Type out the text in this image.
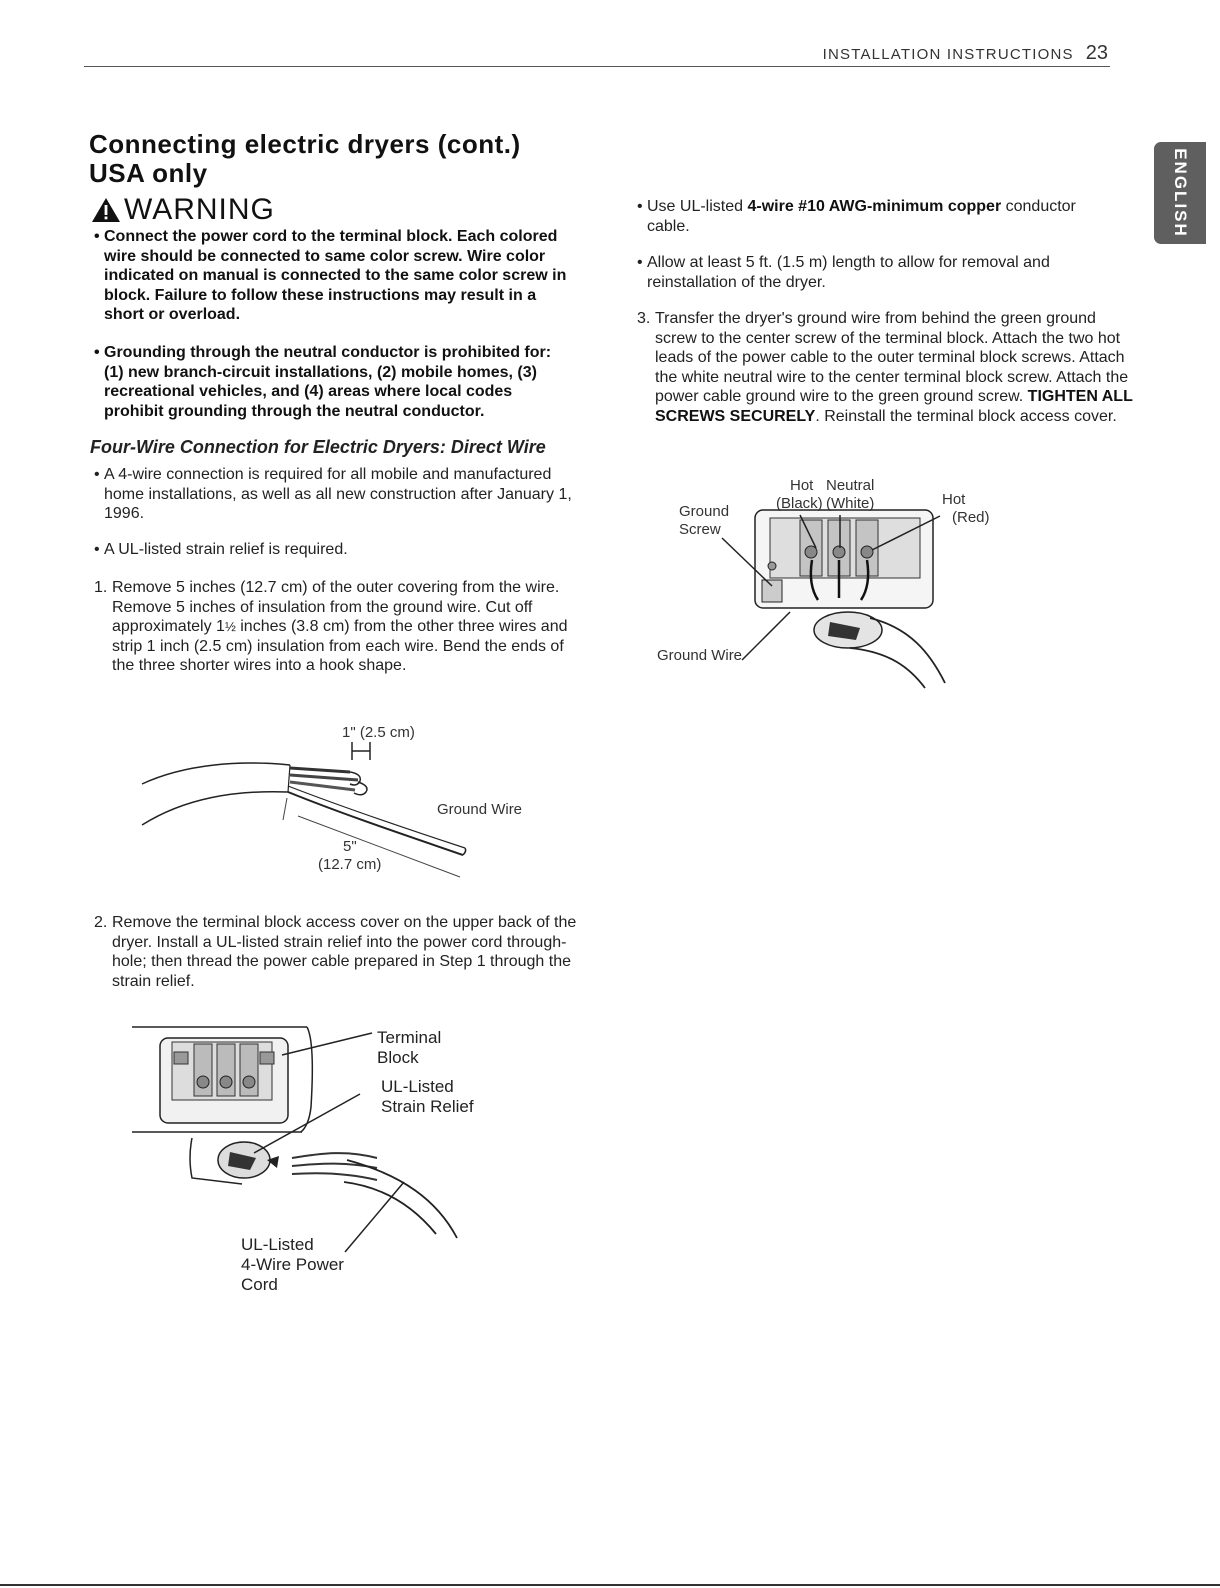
INSTALLATION INSTRUCTIONS 23
ENGLISH
Connecting electric dryers (cont.)
USA only
WARNING
• Connect the power cord to the terminal block. Each colored wire should be connected to same color screw. Wire color indicated on manual is connected to the same color screw in block. Failure to follow these instructions may result in a short or overload.
• Grounding through the neutral conductor is prohibited for: (1) new branch-circuit installations, (2) mobile homes, (3) recreational vehicles, and (4) areas where local codes prohibit grounding through the neutral conductor.
Four-Wire Connection for Electric Dryers: Direct Wire
• A 4-wire connection is required for all mobile and manufactured home installations, as well as all new construction after January 1, 1996.
• A UL-listed strain relief is required.
1. Remove 5 inches (12.7 cm) of the outer covering from the wire. Remove 5 inches of insulation from the ground wire. Cut off approximately 1½ inches (3.8 cm) from the other three wires and strip 1 inch (2.5 cm) insulation from each wire. Bend the ends of the three shorter wires into a hook shape.
1" (2.5 cm)
Ground Wire
5"
(12.7 cm)
2. Remove the terminal block access cover on the upper back of the dryer. Install a UL-listed strain relief into the power cord through-hole; then thread the power cable prepared in Step 1 through the strain relief.
Terminal
Block
UL-Listed
Strain Relief
UL-Listed
4-Wire Power
Cord
• Use UL-listed 4-wire #10 AWG-minimum copper conductor cable.
• Allow at least 5 ft. (1.5 m) length to allow for removal and reinstallation of the dryer.
3. Transfer the dryer's ground wire from behind the green ground screw to the center screw of the terminal block. Attach the two hot leads of the power cable to the outer terminal block screws. Attach the white neutral wire to the center terminal block screw. Attach the power cable ground wire to the green ground screw. TIGHTEN ALL SCREWS SECURELY. Reinstall the terminal block access cover.
Hot
(Black)
Neutral
(White)	Hot
(Red)
Ground
Screw
Ground Wire
